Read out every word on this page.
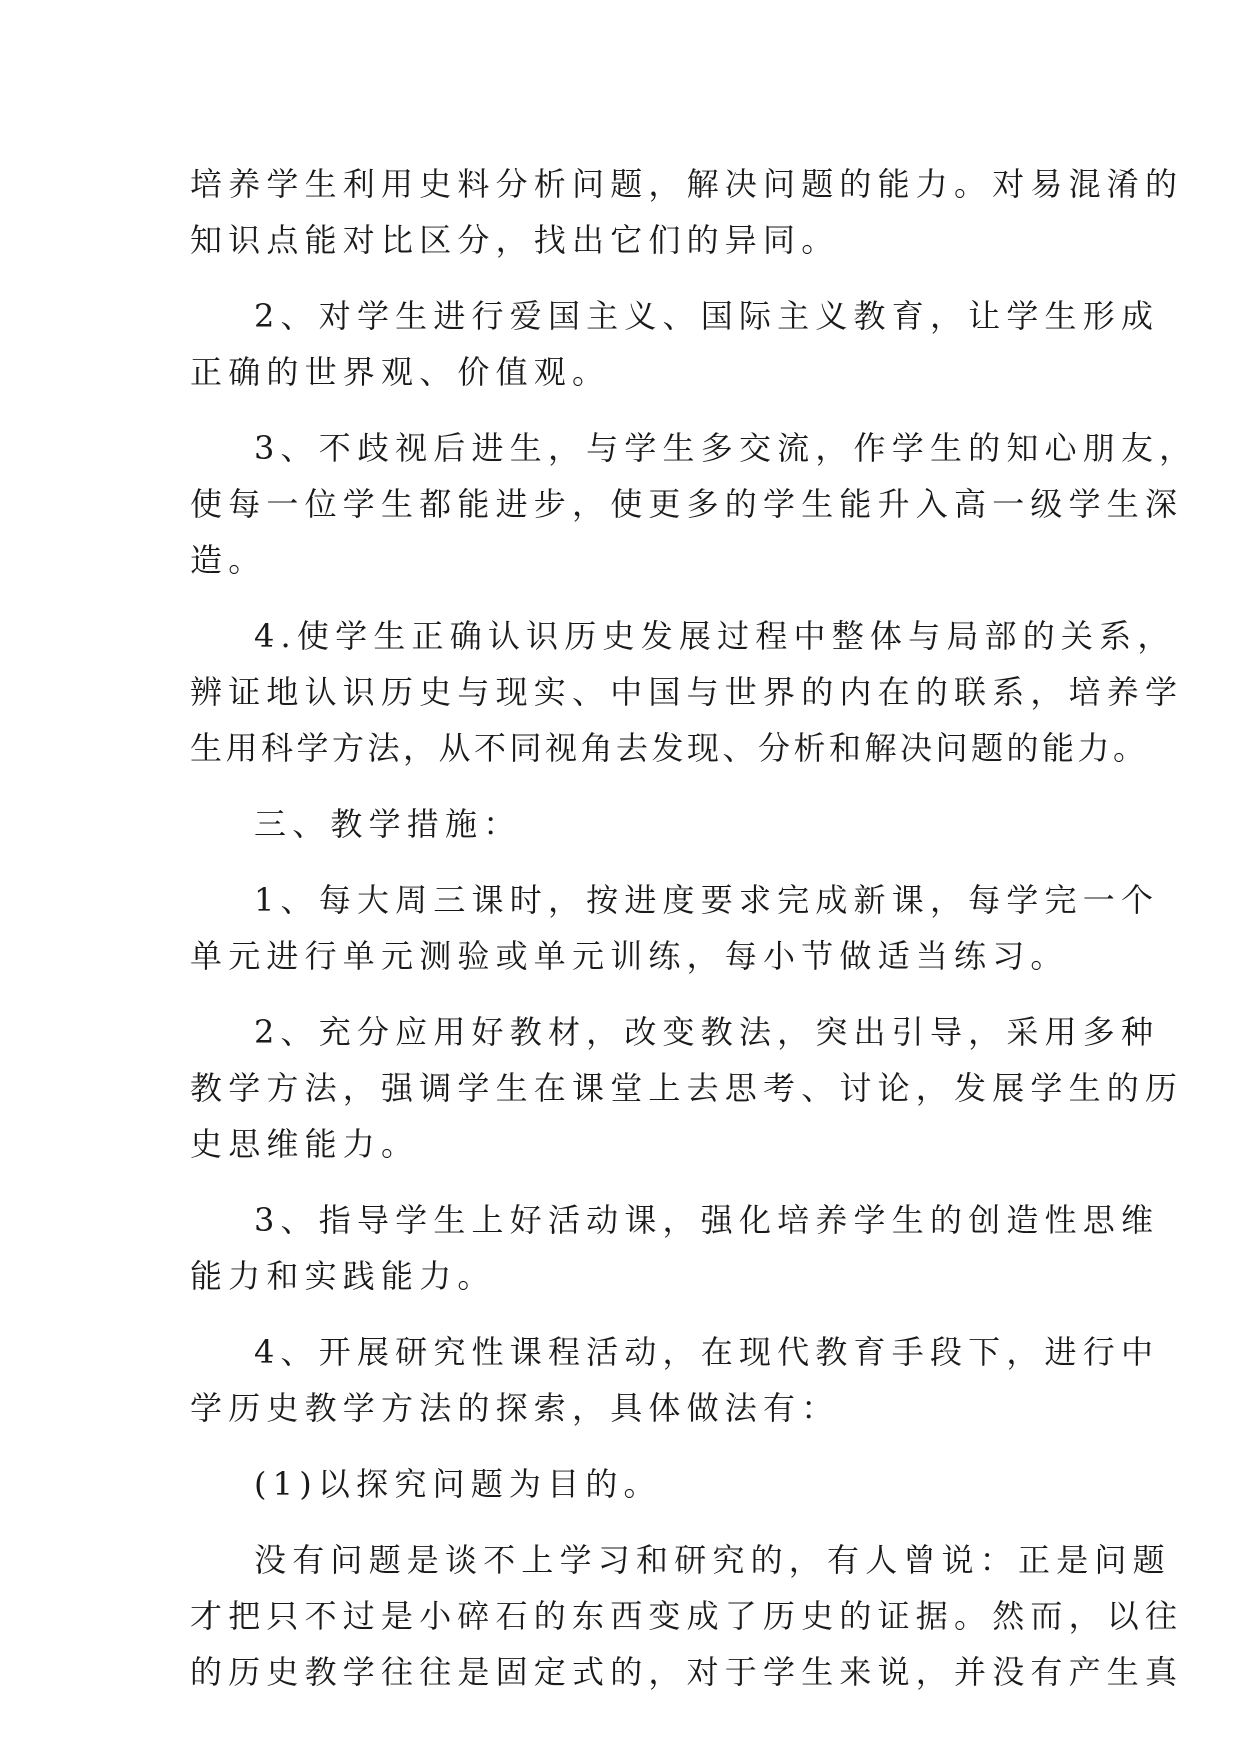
培养学生利用史料分析问题，解决问题的能力。对易混淆的
知识点能对比区分，找出它们的异同。
2、对学生进行爱国主义、国际主义教育，让学生形成
正确的世界观、价值观。
3、不歧视后进生，与学生多交流，作学生的知心朋友，
使每一位学生都能进步，使更多的学生能升入高一级学生深
造。
4.使学生正确认识历史发展过程中整体与局部的关系，
辨证地认识历史与现实、中国与世界的内在的联系，培养学
生用科学方法，从不同视角去发现、分析和解决问题的能力。
三、教学措施：
1、每大周三课时，按进度要求完成新课，每学完一个
单元进行单元测验或单元训练，每小节做适当练习。
2、充分应用好教材，改变教法，突出引导，采用多种
教学方法，强调学生在课堂上去思考、讨论，发展学生的历
史思维能力。
3、指导学生上好活动课，强化培养学生的创造性思维
能力和实践能力。
4、开展研究性课程活动，在现代教育手段下，进行中
学历史教学方法的探索，具体做法有：
(1)以探究问题为目的。
没有问题是谈不上学习和研究的，有人曾说：正是问题
才把只不过是小碎石的东西变成了历史的证据。然而，以往
的历史教学往往是固定式的，对于学生来说，并没有产生真
